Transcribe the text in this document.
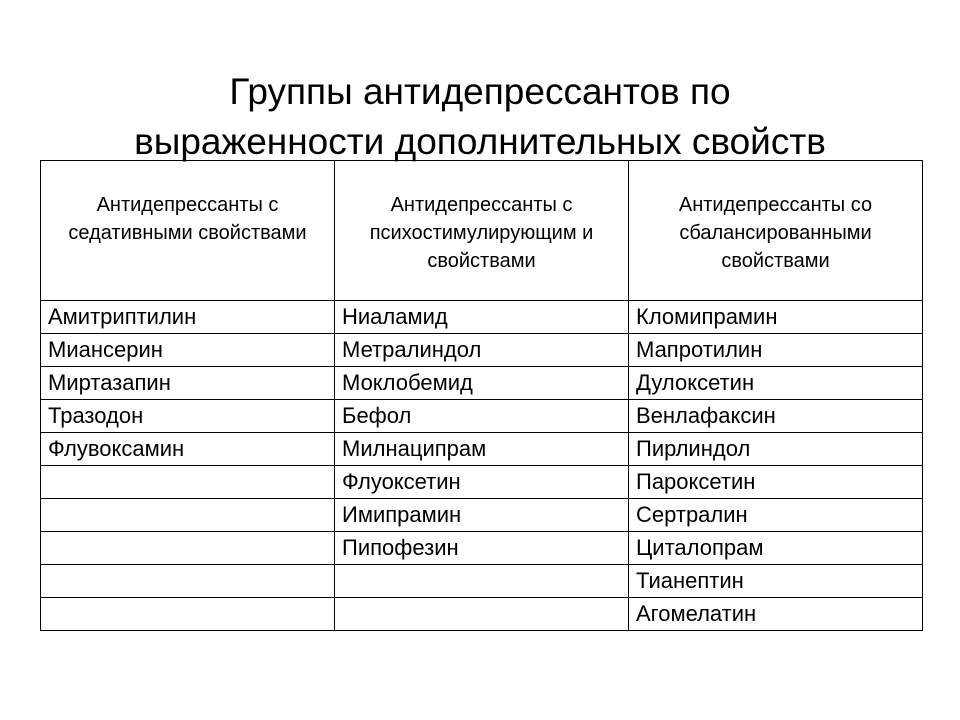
Группы антидепрессантов по
выраженности дополнительных свойств
Антидепрессанты с седативными свойствами	Антидепрессанты с психостимулирующим и свойствами	Антидепрессанты со сбалансированными свойствами
Амитриптилин	Ниаламид	Кломипрамин
Миансерин	Метралиндол	Мапротилин
Миртазапин	Моклобемид	Дулоксетин
Тразодон	Бефол	Венлафаксин
Флувоксамин	Милнаципрам	Пирлиндол
	Флуоксетин	Пароксетин
	Имипрамин	Сертралин
	Пипофезин	Циталопрам
		Тианептин
		Агомелатин
